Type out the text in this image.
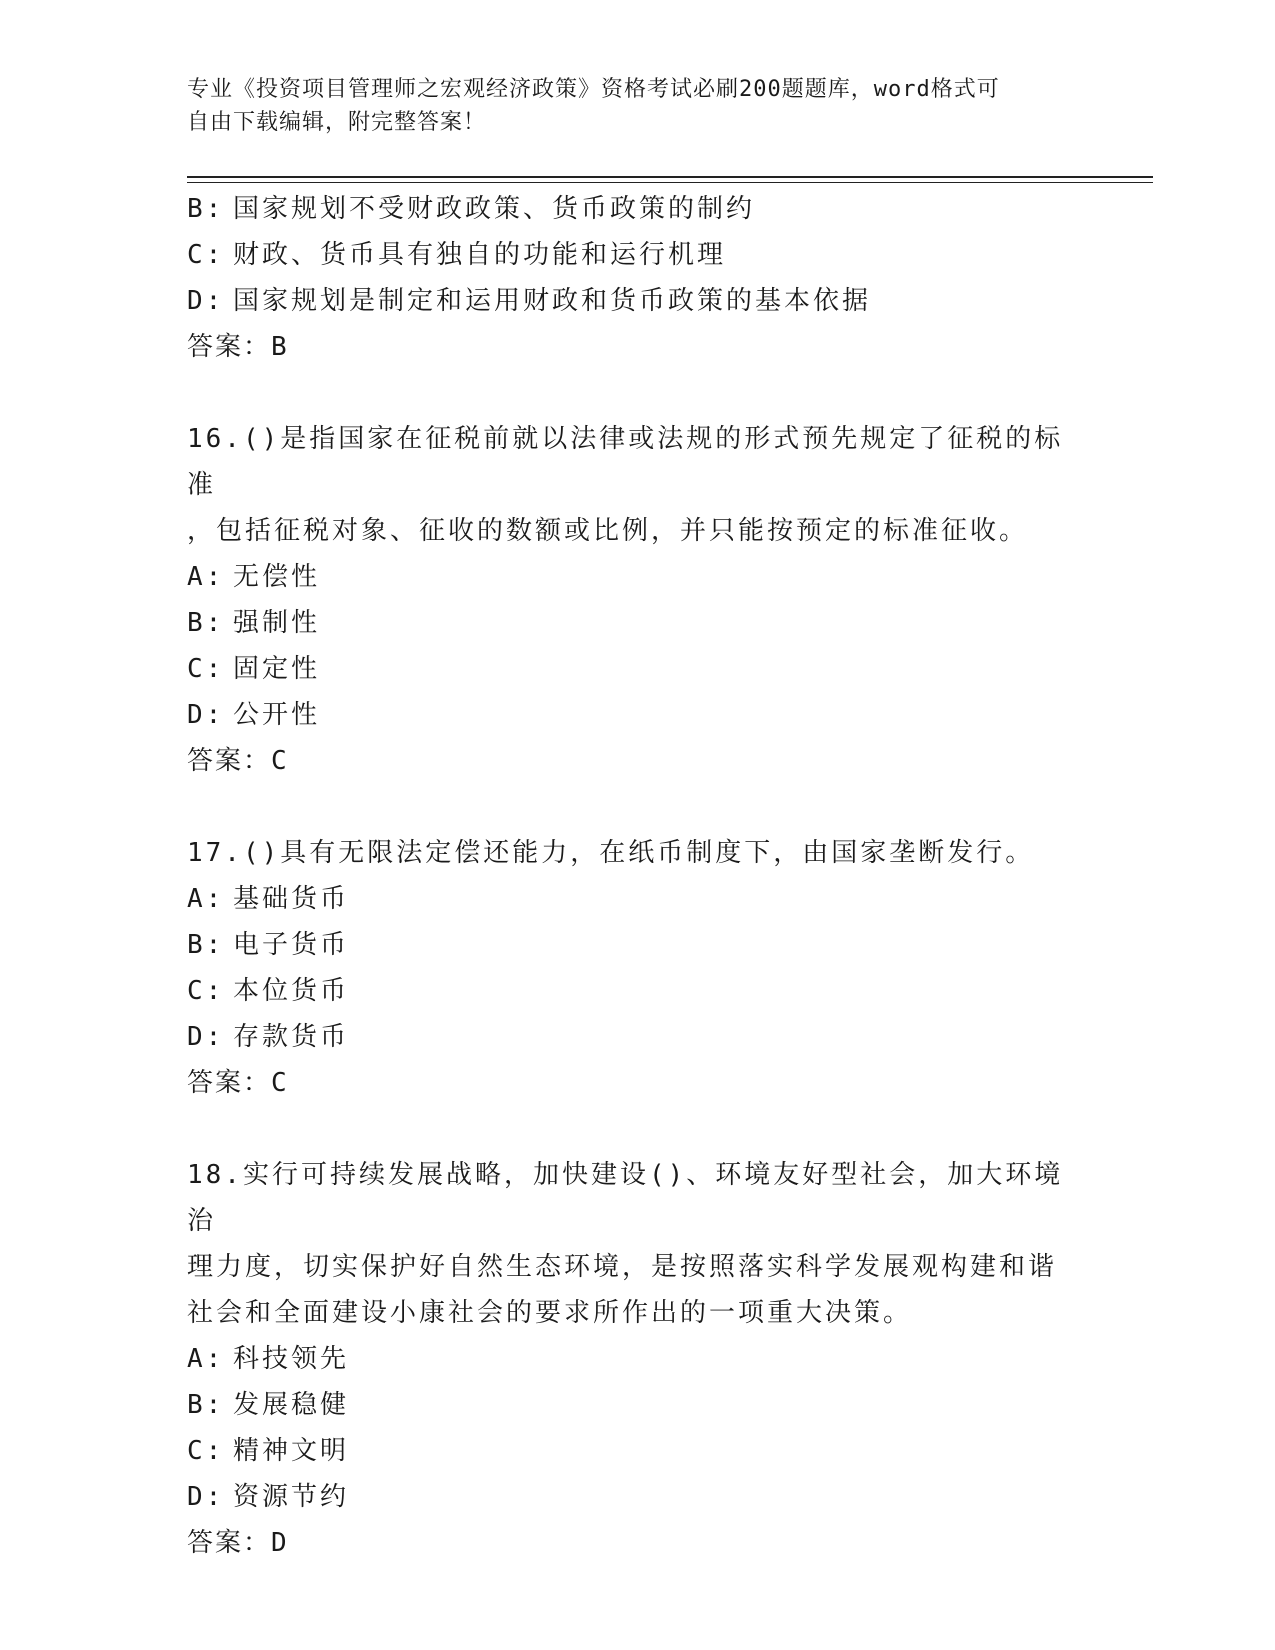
专业《投资项目管理师之宏观经济政策》资格考试必刷200题题库，word格式可
自由下载编辑，附完整答案！
B: 国家规划不受财政政策、货币政策的制约
C: 财政、货币具有独自的功能和运行机理
D: 国家规划是制定和运用财政和货币政策的基本依据
答案：B
16.()是指国家在征税前就以法律或法规的形式预先规定了征税的标准
，包括征税对象、征收的数额或比例，并只能按预定的标准征收。
A: 无偿性
B: 强制性
C: 固定性
D: 公开性
答案：C
17.()具有无限法定偿还能力，在纸币制度下，由国家垄断发行。
A: 基础货币
B: 电子货币
C: 本位货币
D: 存款货币
答案：C
18.实行可持续发展战略，加快建设()、环境友好型社会，加大环境治
理力度，切实保护好自然生态环境，是按照落实科学发展观构建和谐
社会和全面建设小康社会的要求所作出的一项重大决策。
A: 科技领先
B: 发展稳健
C: 精神文明
D: 资源节约
答案：D
